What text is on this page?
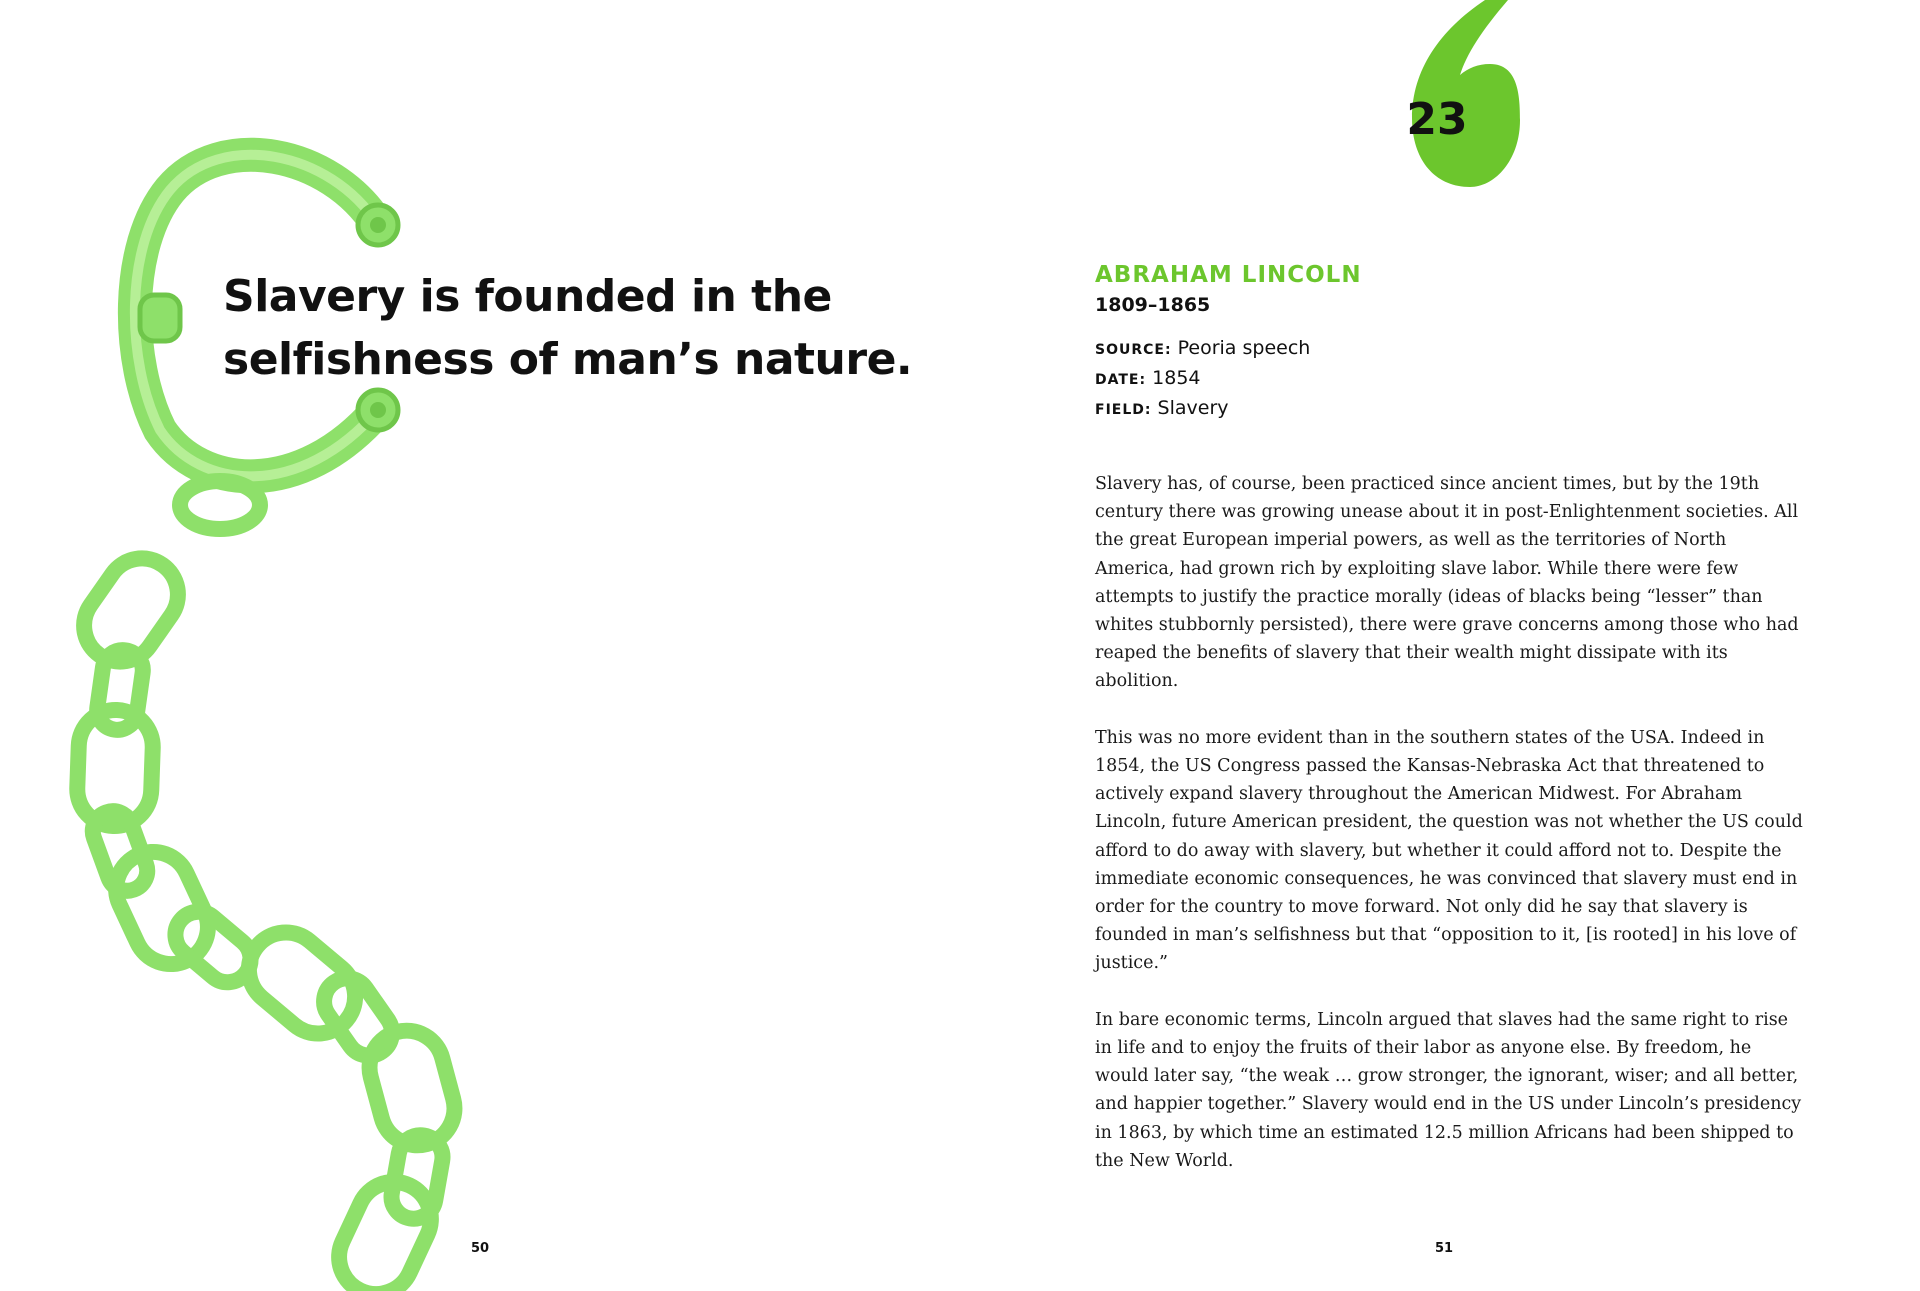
Slavery is founded in the selfishness of man’s nature.
50
23
ABRAHAM LINCOLN
1809–1865
SOURCE: Peoria speech
DATE: 1854
FIELD: Slavery

Slavery has, of course, been practiced since ancient times, but by the 19th century there was growing unease about it in post-Enlightenment societies. All the great European imperial powers, as well as the territories of North America, had grown rich by exploiting slave labor. While there were few attempts to justify the practice morally (ideas of blacks being “lesser” than whites stubbornly persisted), there were grave concerns among those who had reaped the benefits of slavery that their wealth might dissipate with its abolition.

This was no more evident than in the southern states of the USA. Indeed in 1854, the US Congress passed the Kansas-Nebraska Act that threatened to actively expand slavery throughout the American Midwest. For Abraham Lincoln, future American president, the question was not whether the US could afford to do away with slavery, but whether it could afford not to. Despite the immediate economic consequences, he was convinced that slavery must end in order for the country to move forward. Not only did he say that slavery is founded in man’s selfishness but that “opposition to it, [is rooted] in his love of justice.”

In bare economic terms, Lincoln argued that slaves had the same right to rise in life and to enjoy the fruits of their labor as anyone else. By freedom, he would later say, “the weak … grow stronger, the ignorant, wiser; and all better, and happier together.” Slavery would end in the US under Lincoln’s presidency in 1863, by which time an estimated 12.5 million Africans had been shipped to the New World.

51
